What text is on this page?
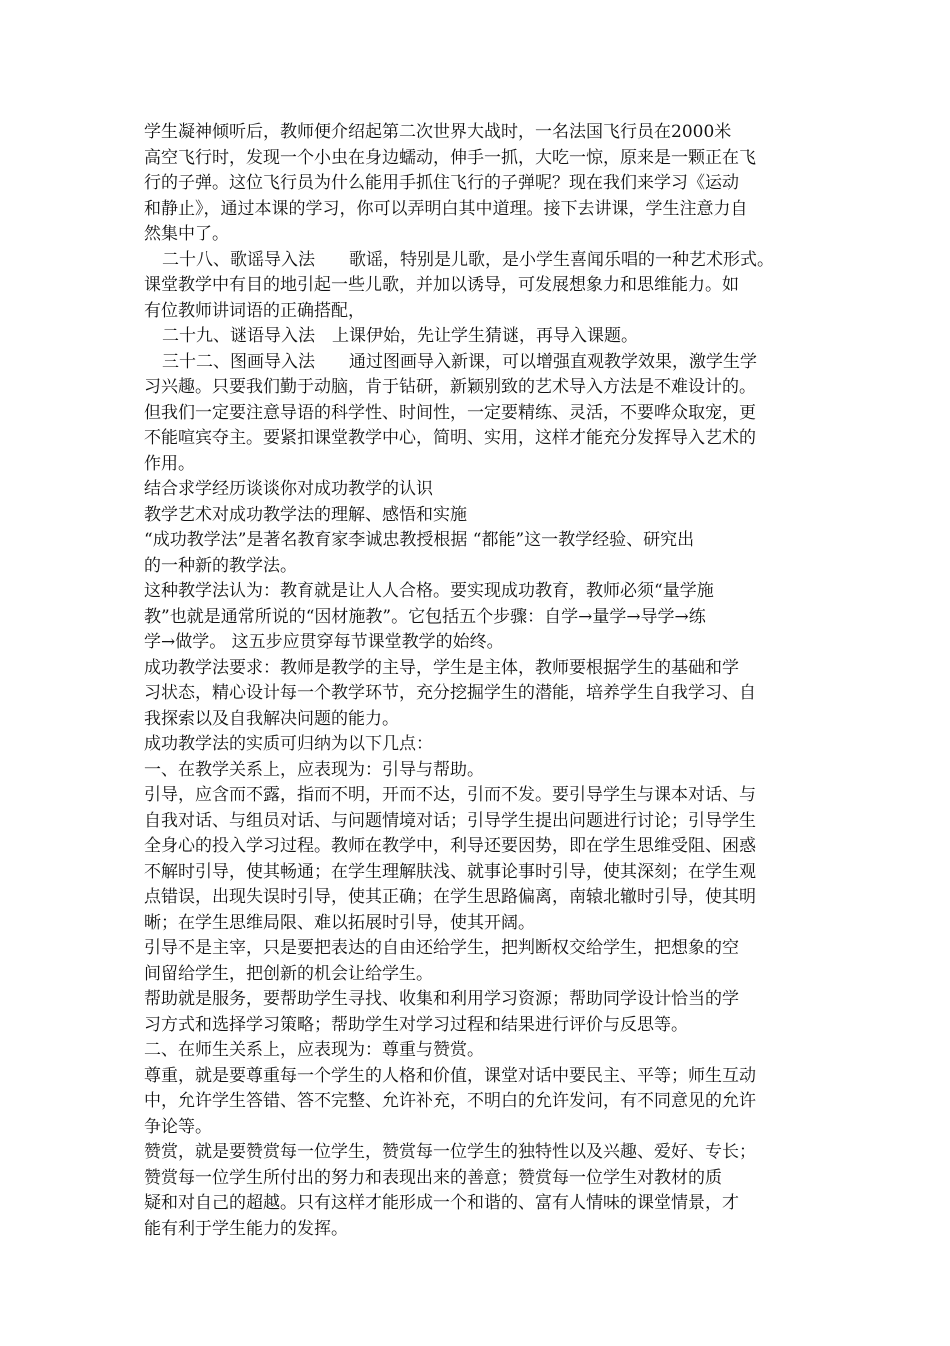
学生凝神倾听后，教师便介绍起第二次世界大战时，一名法国飞行员在2000米
高空飞行时，发现一个小虫在身边蠕动，伸手一抓，大吃一惊，原来是一颗正在飞
行的子弹。这位飞行员为什么能用手抓住飞行的子弹呢？现在我们来学习《运动
和静止》，通过本课的学习，你可以弄明白其中道理。接下去讲课，学生注意力自
然集中了。

二十八、歌谣导入法　　歌谣，特别是儿歌，是小学生喜闻乐唱的一种艺术形式。

课堂教学中有目的地引起一些儿歌，并加以诱导，可发展想象力和思维能力。如
有位教师讲词语的正确搭配，

二十九、谜语导入法　上课伊始，先让学生猜谜，再导入课题。

三十二、图画导入法　　通过图画导入新课，可以增强直观教学效果，激学生学

习兴趣。只要我们勤于动脑，肯于钻研，新颖别致的艺术导入方法是不难设计的。
但我们一定要注意导语的科学性、时间性，一定要精练、灵活，不要哗众取宠，更
不能喧宾夺主。要紧扣课堂教学中心，简明、实用，这样才能充分发挥导入艺术的
作用。

结合求学经历谈谈你对成功教学的认识

教学艺术对成功教学法的理解、感悟和实施

“成功教学法”是著名教育家李诚忠教授根据 “都能”这一教学经验、研究出
的一种新的教学法。

这种教学法认为：教育就是让人人合格。要实现成功教育，教师必须“量学施
教”也就是通常所说的“因材施教”。它包括五个步骤：自学→量学→导学→练
学→做学。 这五步应贯穿每节课堂教学的始终。

成功教学法要求：教师是教学的主导，学生是主体，教师要根据学生的基础和学
习状态，精心设计每一个教学环节，充分挖掘学生的潜能，培养学生自我学习、自
我探索以及自我解决问题的能力。

成功教学法的实质可归纳为以下几点：

一、在教学关系上，应表现为：引导与帮助。

引导，应含而不露，指而不明，开而不达，引而不发。要引导学生与课本对话、与
自我对话、与组员对话、与问题情境对话；引导学生提出问题进行讨论；引导学生
全身心的投入学习过程。教师在教学中，利导还要因势，即在学生思维受阻、困惑
不解时引导，使其畅通；在学生理解肤浅、就事论事时引导，使其深刻；在学生观
点错误，出现失误时引导，使其正确；在学生思路偏离，南辕北辙时引导，使其明
晰；在学生思维局限、难以拓展时引导，使其开阔。

引导不是主宰，只是要把表达的自由还给学生，把判断权交给学生，把想象的空
间留给学生，把创新的机会让给学生。

帮助就是服务，要帮助学生寻找、收集和利用学习资源；帮助同学设计恰当的学
习方式和选择学习策略；帮助学生对学习过程和结果进行评价与反思等。

二、在师生关系上，应表现为：尊重与赞赏。

尊重，就是要尊重每一个学生的人格和价值，课堂对话中要民主、平等；师生互动
中，允许学生答错、答不完整、允许补充，不明白的允许发问，有不同意见的允许
争论等。

赞赏，就是要赞赏每一位学生，赞赏每一位学生的独特性以及兴趣、爱好、专长；
赞赏每一位学生所付出的努力和表现出来的善意；赞赏每一位学生对教材的质
疑和对自己的超越。只有这样才能形成一个和谐的、富有人情味的课堂情景，才
能有利于学生能力的发挥。
